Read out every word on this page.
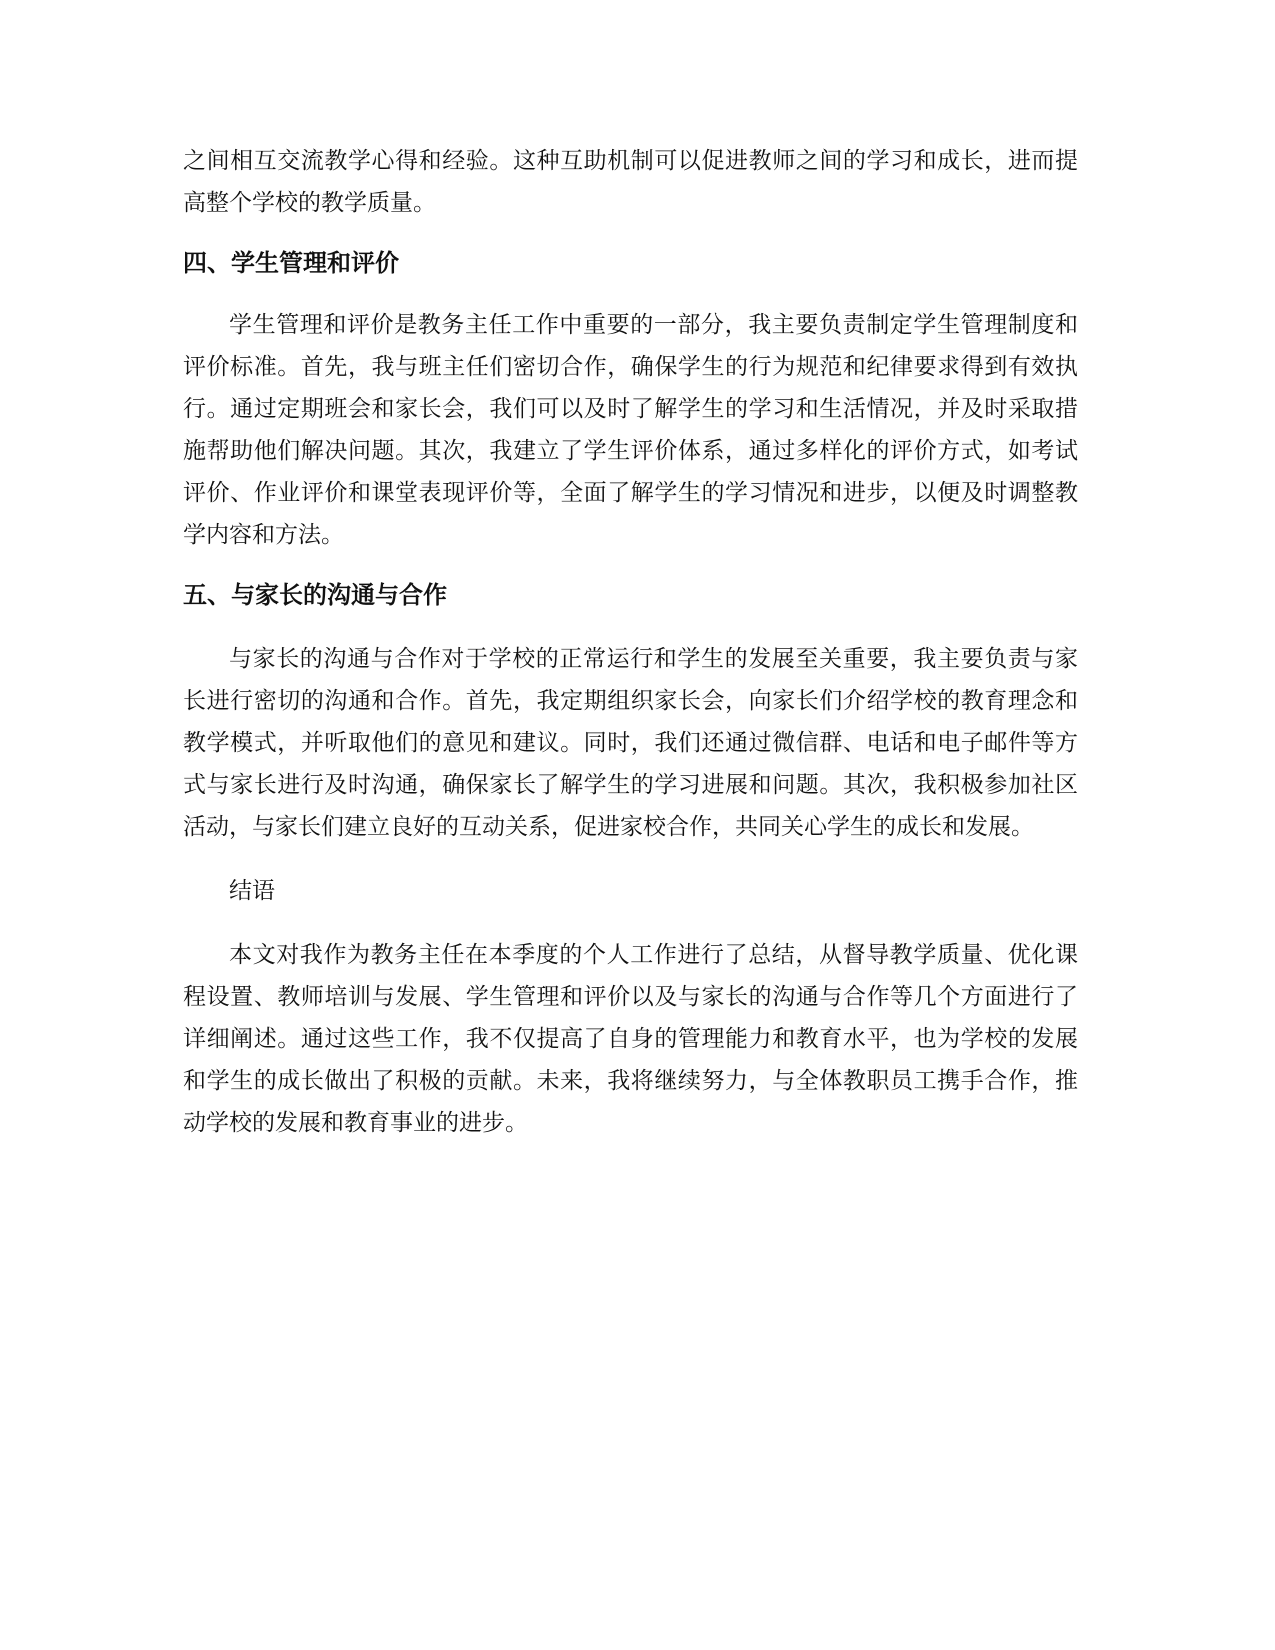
之间相互交流教学心得和经验。这种互助机制可以促进教师之间的学习和成长，进而提高整个学校的教学质量。

四、学生管理和评价

学生管理和评价是教务主任工作中重要的一部分，我主要负责制定学生管理制度和评价标准。首先，我与班主任们密切合作，确保学生的行为规范和纪律要求得到有效执行。通过定期班会和家长会，我们可以及时了解学生的学习和生活情况，并及时采取措施帮助他们解决问题。其次，我建立了学生评价体系，通过多样化的评价方式，如考试评价、作业评价和课堂表现评价等，全面了解学生的学习情况和进步，以便及时调整教学内容和方法。

五、与家长的沟通与合作

与家长的沟通与合作对于学校的正常运行和学生的发展至关重要，我主要负责与家长进行密切的沟通和合作。首先，我定期组织家长会，向家长们介绍学校的教育理念和教学模式，并听取他们的意见和建议。同时，我们还通过微信群、电话和电子邮件等方式与家长进行及时沟通，确保家长了解学生的学习进展和问题。其次，我积极参加社区活动，与家长们建立良好的互动关系，促进家校合作，共同关心学生的成长和发展。

结语

本文对我作为教务主任在本季度的个人工作进行了总结，从督导教学质量、优化课程设置、教师培训与发展、学生管理和评价以及与家长的沟通与合作等几个方面进行了详细阐述。通过这些工作，我不仅提高了自身的管理能力和教育水平，也为学校的发展和学生的成长做出了积极的贡献。未来，我将继续努力，与全体教职员工携手合作，推动学校的发展和教育事业的进步。
